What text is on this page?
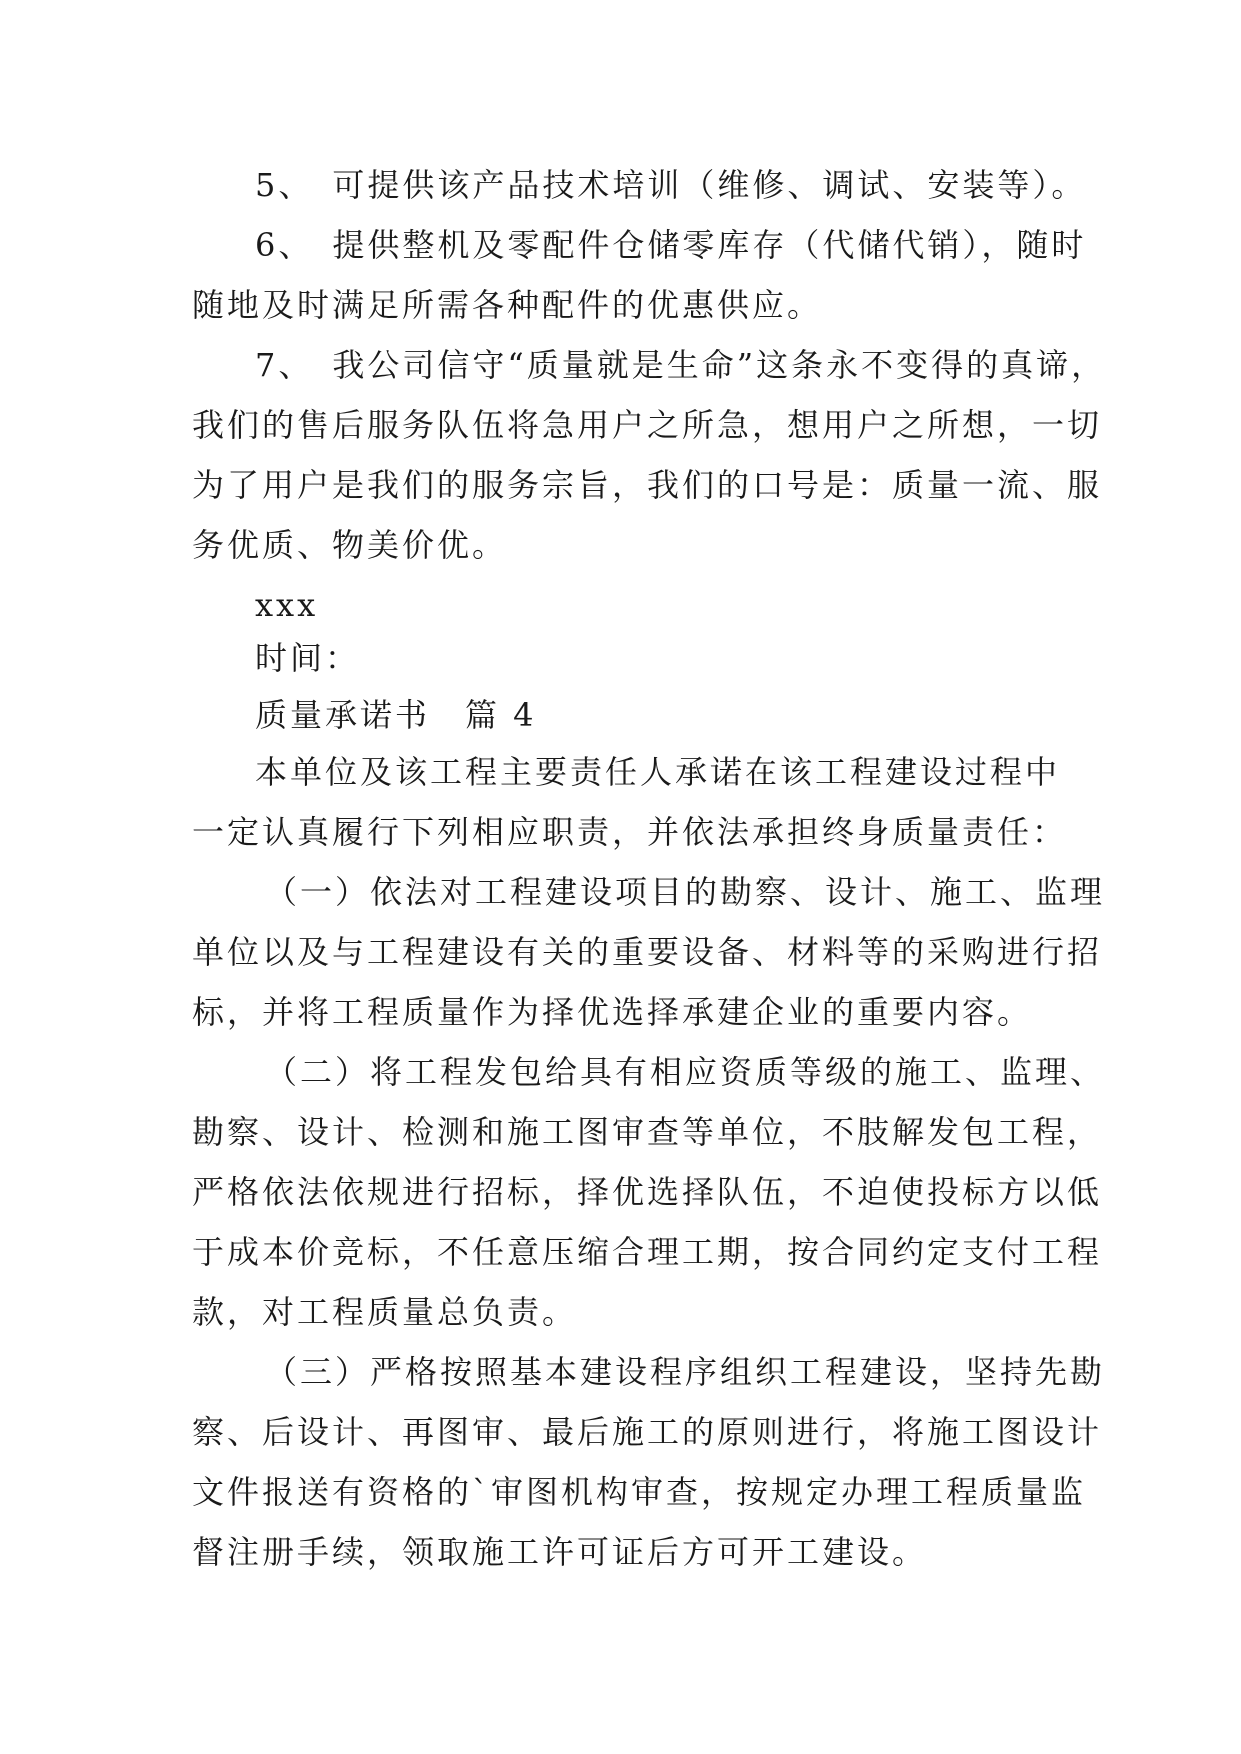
5、　可提供该产品技术培训（维修、调试、安装等）。
6、　提供整机及零配件仓储零库存（代储代销），随时
随地及时满足所需各种配件的优惠供应。
7、　我公司信守“质量就是生命”这条永不变得的真谛，
我们的售后服务队伍将急用户之所急，想用户之所想，一切
为了用户是我们的服务宗旨，我们的口号是：质量一流、服
务优质、物美价优。
xxx
时间：
质量承诺书　篇 4
本单位及该工程主要责任人承诺在该工程建设过程中
一定认真履行下列相应职责，并依法承担终身质量责任：
（一）依法对工程建设项目的勘察、设计、施工、监理
单位以及与工程建设有关的重要设备、材料等的采购进行招
标，并将工程质量作为择优选择承建企业的重要内容。
（二）将工程发包给具有相应资质等级的施工、监理、
勘察、设计、检测和施工图审查等单位，不肢解发包工程，
严格依法依规进行招标，择优选择队伍，不迫使投标方以低
于成本价竞标，不任意压缩合理工期，按合同约定支付工程
款，对工程质量总负责。
（三）严格按照基本建设程序组织工程建设，坚持先勘
察、后设计、再图审、最后施工的原则进行，将施工图设计
文件报送有资格的`审图机构审查，按规定办理工程质量监
督注册手续，领取施工许可证后方可开工建设。
